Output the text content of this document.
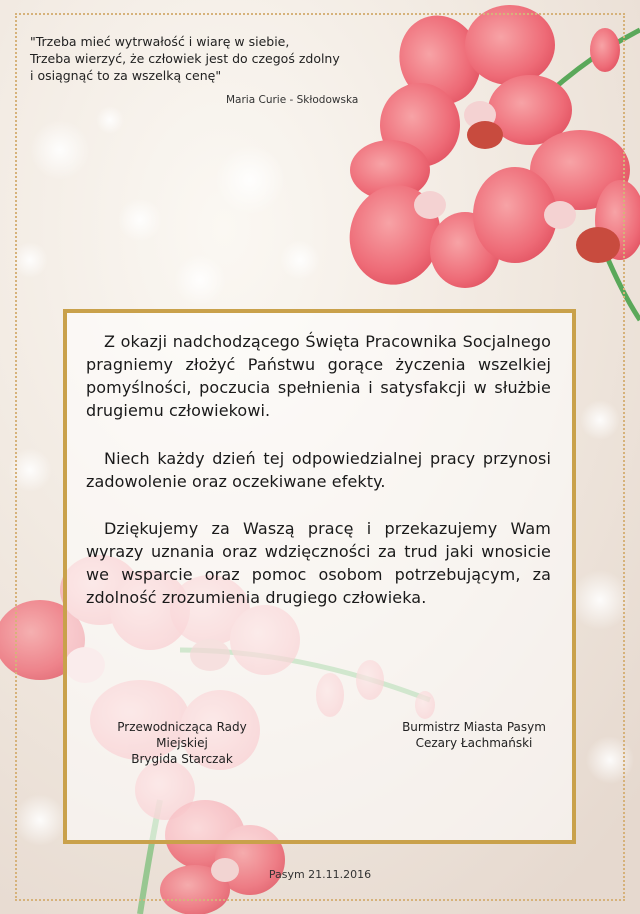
"Trzeba mieć wytrwałość i wiarę w siebie,
Trzeba wierzyć, że człowiek jest do czegoś zdolny
i osiągnąć to za wszelką cenę"
Maria Curie - Skłodowska
Z okazji nadchodzącego Święta Pracownika Socjalnego pragniemy złożyć Państwu gorące życzenia wszelkiej pomyślności, poczucia spełnienia i satysfakcji w służbie drugiemu człowiekowi.
Niech każdy dzień tej odpowiedzialnej pracy przynosi zadowolenie oraz oczekiwane efekty.
Dziękujemy za Waszą pracę i przekazujemy Wam wyrazy uznania oraz wdzięczności za trud jaki wnosicie we wsparcie oraz pomoc osobom potrzebującym, za zdolność zrozumienia drugiego człowieka.
Przewodnicząca Rady Miejskiej
Brygida Starczak
Burmistrz Miasta Pasym
Cezary Łachmański
Pasym 21.11.2016
